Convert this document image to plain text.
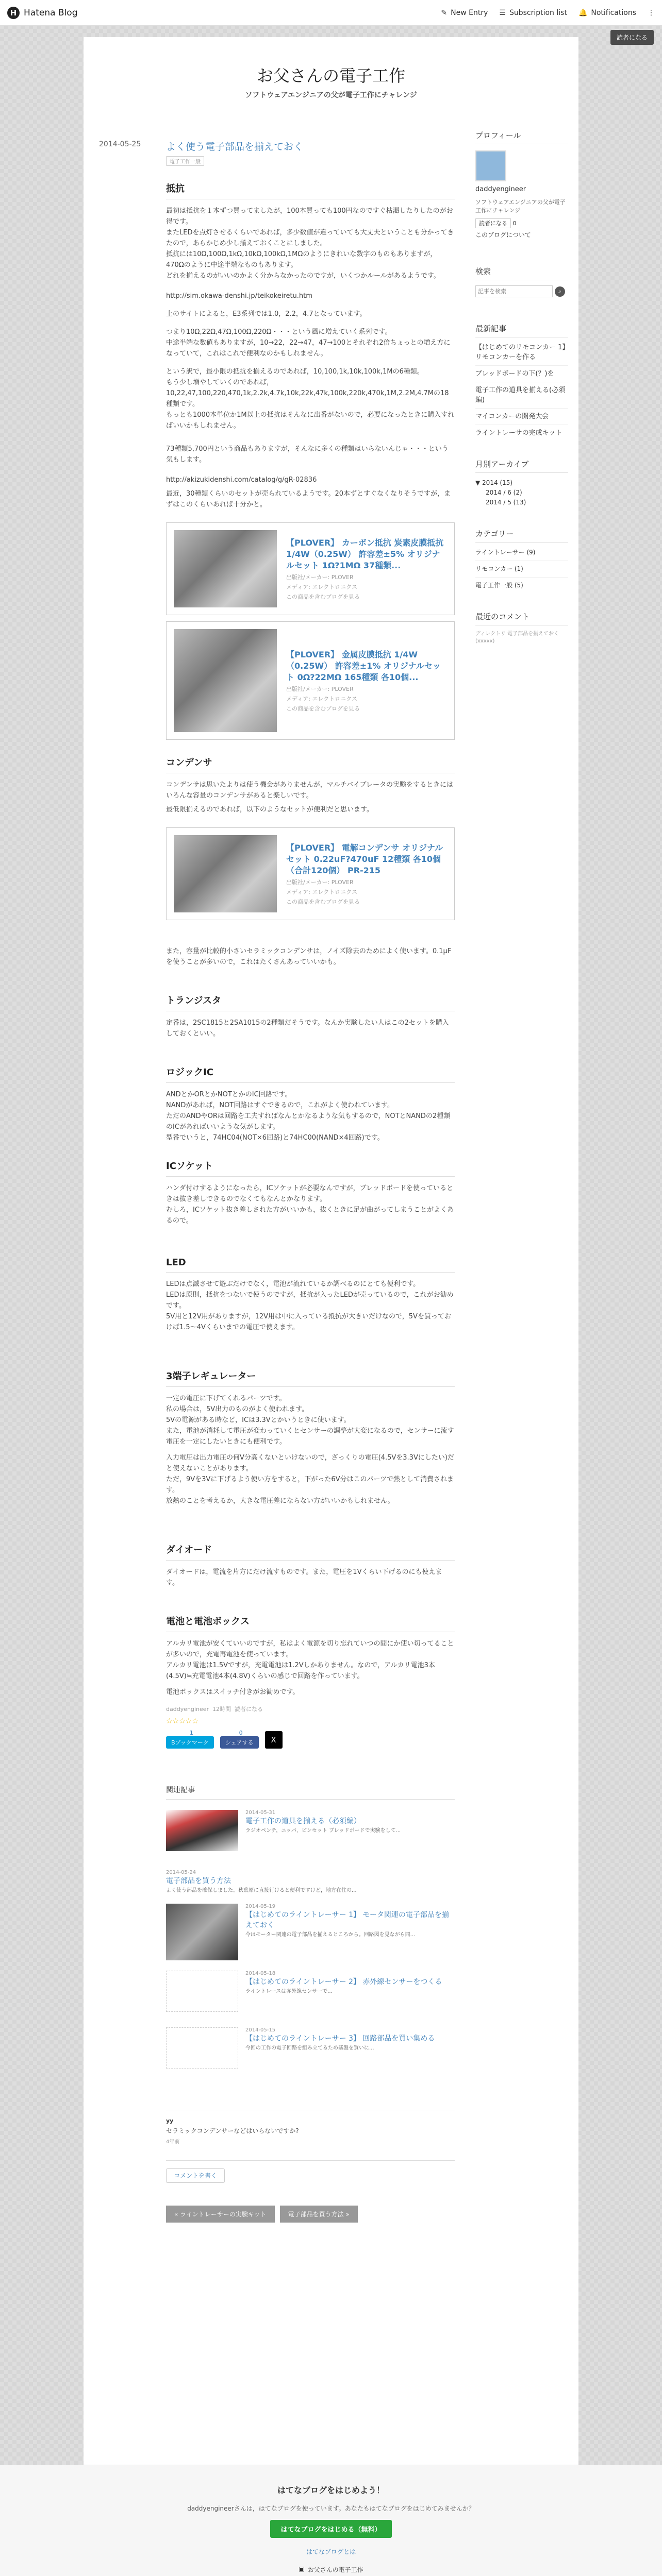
H Hatena Blog	✎ New Entry ☰ Subscription list 🔔 Notifications ⋮
読者になる
お父さんの電子工作
ソフトウェアエンジニアの父が電子工作にチャレンジ
2014-05-25	よく使う電子部品を揃えておく
電子工作一般
抵抗
最初は抵抗を１本ずつ買ってましたが，100本買っても100円なのですぐ枯渇したりしたのがお得です。
またLEDを点灯させるくらいであれば，多少数値が違っていても大丈夫ということも分かってきたので，あらかじめ少し揃えておくことにしました。
抵抗には10Ω,100Ω,1kΩ,10kΩ,100kΩ,1MΩのようにきれいな数字のものもありますが，470Ωのように中途半端なものもあります。
どれを揃えるのがいいのかよく分からなかったのですが，いくつかルールがあるようです。
http://sim.okawa-denshi.jp/teikokeiretu.htm
上のサイトによると，E3系列では1.0，2.2，4.7となっています。
つまり10Ω,22Ω,47Ω,100Ω,220Ω・・・という風に増えていく系列です。
中途半端な数値もありますが，10→22，22→47，47→100とそれぞれ2倍ちょっとの増え方になっていて，これはこれで便利なのかもしれません。
という訳で，最小限の抵抗を揃えるのであれば，10,100,1k,10k,100k,1Mの6種類。
もう少し増やしていくのであれば，10,22,47,100,220,470,1k,2.2k,4.7k,10k,22k,47k,100k,220k,470k,1M,2.2M,4.7Mの18種類です。
もっとも1000本単位か1M以上の抵抗はそんなに出番がないので，必要になったときに購入すればいいかもしれません。
73種類5,700円という商品もありますが，そんなに多くの種類はいらないんじゃ・・・という気もします。
http://akizukidenshi.com/catalog/g/gR-02836
最近，30種類くらいのセットが売られているようです。20本ずとすぐなくなりそうですが，まずはこのくらいあれば十分かと。
【PLOVER】 カーボン抵抗 炭素皮膜抵抗 1/4W（0.25W） 許容差±5% オリジナルセット 1Ω?1MΩ 37種類...
出版社/メーカー: PLOVER
メディア: エレクトロニクス
この商品を含むブログを見る
【PLOVER】 金属皮膜抵抗 1/4W（0.25W） 許容差±1% オリジナルセット 0Ω?22MΩ 165種類 各10個...
出版社/メーカー: PLOVER
メディア: エレクトロニクス
この商品を含むブログを見る
コンデンサ
コンデンサは思いたよりは使う機会がありませんが，マルチバイブレータの実験をするときにはいろんな容量のコンデンサがあると楽しいです。
最低限揃えるのであれば，以下のようなセットが便利だと思います。
【PLOVER】 電解コンデンサ オリジナルセット 0.22uF?470uF 12種類 各10個 （合計120個） PR-215
出版社/メーカー: PLOVER
メディア: エレクトロニクス
この商品を含むブログを見る
また，容量が比較的小さいセラミックコンデンサは，ノイズ除去のためによく使います。0.1μFを使うことが多いので，これはたくさんあっていいかも。
トランジスタ
定番は，2SC1815と2SA1015の2種類だそうです。なんか実験したい人はこの2セットを購入しておくといい。
ロジックIC
ANDとかORとかNOTとかのIC回路です。
NANDがあれば，NOT回路はすぐできるので，これがよく使われています。
ただのANDやORは回路を工夫すればなんとかなるような気もするので，NOTとNANDの2種類のICがあればいいような気がします。
型番でいうと，74HC04(NOT×6回路)と74HC00(NAND×4回路)です。
ICソケット
ハンダ付けするようになったら，ICソケットが必要なんですが，ブレッドボードを使っているときは抜き差しできるのでなくてもなんとかなります。
むしろ，ICソケット抜き差しされた方がいいかも，抜くときに足が曲がってしまうことがよくあるので。
LED
LEDは点滅させて遊ぶだけでなく，電池が流れているか調べるのにとても便利です。
LEDは原則，抵抗をつないで使うのですが，抵抗が入ったLEDが売っているので，これがお勧めです。
5V用と12V用がありますが，12V用は中に入っている抵抗が大きいだけなので，5Vを買っておけば1.5〜4Vくらいまでの電圧で使えます。
3端子レギュレーター
一定の電圧に下げてくれるパーツです。
私の場合は，5V出力のものがよく使われます。
5Vの電源がある時など，ICは3.3Vとかいうときに使います。
また，電池が消耗して電圧が変わっていくとセンサーの調整が大変になるので，センサーに流す電圧を一定にしたいときにも便利です。
入力電圧は出力電圧の何V分高くないといけないので，ざっくりの電圧(4.5Vを3.3Vにしたい)だと使えないことがあります。
ただ，9Vを3Vに下げるよう使い方をすると，下がった6V分はこのパーツで熱として消費されます。
放熱のことを考えるか，大きな電圧差にならない方がいいかもしれません。
ダイオード
ダイオードは，電流を片方にだけ流すものです。また，電圧を1Vくらい下げるのにも使えます。
電池と電池ボックス
アルカリ電池が安くていいのですが，私はよく電源を切り忘れていつの間にか使い切ってることが多いので，充電再電池を使っています。
アルカリ電池は1.5Vですが，充電電池は1.2Vしかありません。なので，アルカリ電池3本(4.5V)≒充電電池4本(4.8V)くらいの感じで回路を作っています。
電池ボックスはスイッチ付きがお勧めです。
daddyengineer 12時間 読者になる
☆☆☆☆☆
1
Bブックマーク
0
シェアする	X
関連記事
2014-05-31
電子工作の道具を揃える（必須編）
ラジオペンチ，ニッパ，ピンセット ブレッドボードで実験をして...
2014-05-24
電子部品を買う方法
よく使う部品を確保しました。秋葉原に直接行けると便利ですけど，地方在住の...
2014-05-19
【はじめてのライントレーサー 1】 モータ関連の電子部品を揃えておく
今はモーター関連の電子部品を揃えるところから。回路図を見ながら同...
2014-05-18
【はじめてのライントレーサー 2】 赤外線センサーをつくる
ライントレースは赤外線センサーで...
2014-05-15
【はじめてのライントレーサー 3】 回路部品を買い集める
今回の工作の電子回路を組み立てるため基盤を買いに...
yy
セラミックコンデンサーなどはいらないですか?
4年前
コメントを書く
« ライントレーサーの実験キット	電子部品を買う方法 »
プロフィール
daddyengineer
ソフトウェアエンジニアの父が電子工作にチャレンジ
読者になる 0
このブログについて
検索
記事を検索
⌕
最新記事
【はじめてのリモコンカー 1】リモコンカーを作る
ブレッドボードの下(？)を
電子工作の道具を揃える(必須編)
マイコンカーの開発大会
ライントレーサの完成キット
月別アーカイブ
▼ 2014 (15)
2014 / 6 (2)
2014 / 5 (13)
カテゴリー
ライントレーサー (9)
リモコンカー (1)
電子工作一般 (5)
最近のコメント
ディレクトリ 電子部品を揃えておく (xxxxx)
はてなブログをはじめよう！
daddyengineerさんは，はてなブログを使っています。あなたもはてなブログをはじめてみませんか？
はてなブログをはじめる（無料）
はてなブログとは
▣ お父さんの電子工作
